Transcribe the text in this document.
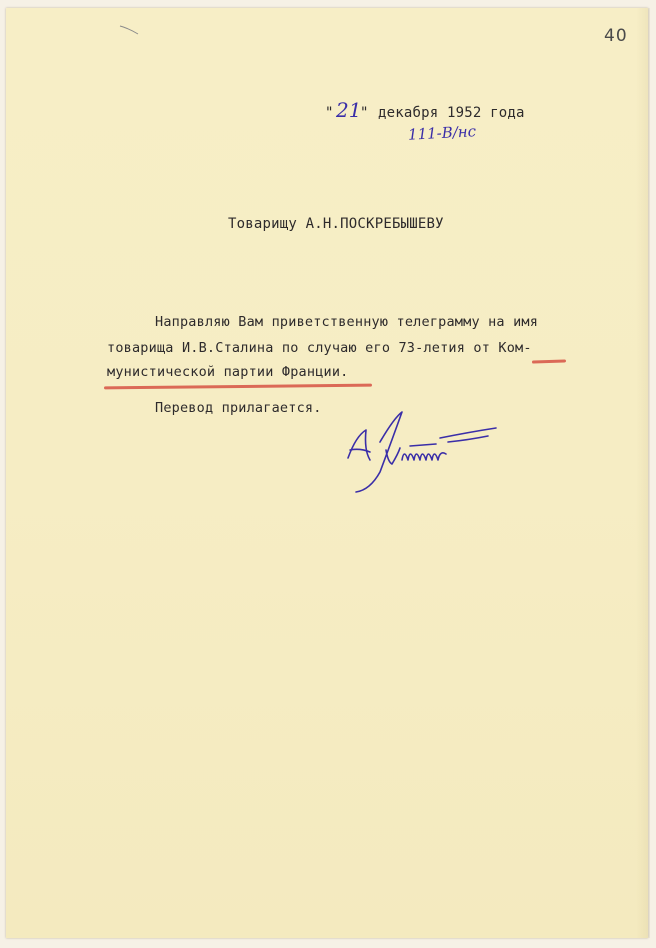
40
" 21
" декабря 1952 года
111-В/нс
Товарищу А.Н.ПОСКРЕБЫШЕВУ
Направляю Вам приветственную телеграмму на имя
товарища И.В.Сталина по случаю его 73-летия от Ком-
мунистической партии Франции.
Перевод прилагается.
